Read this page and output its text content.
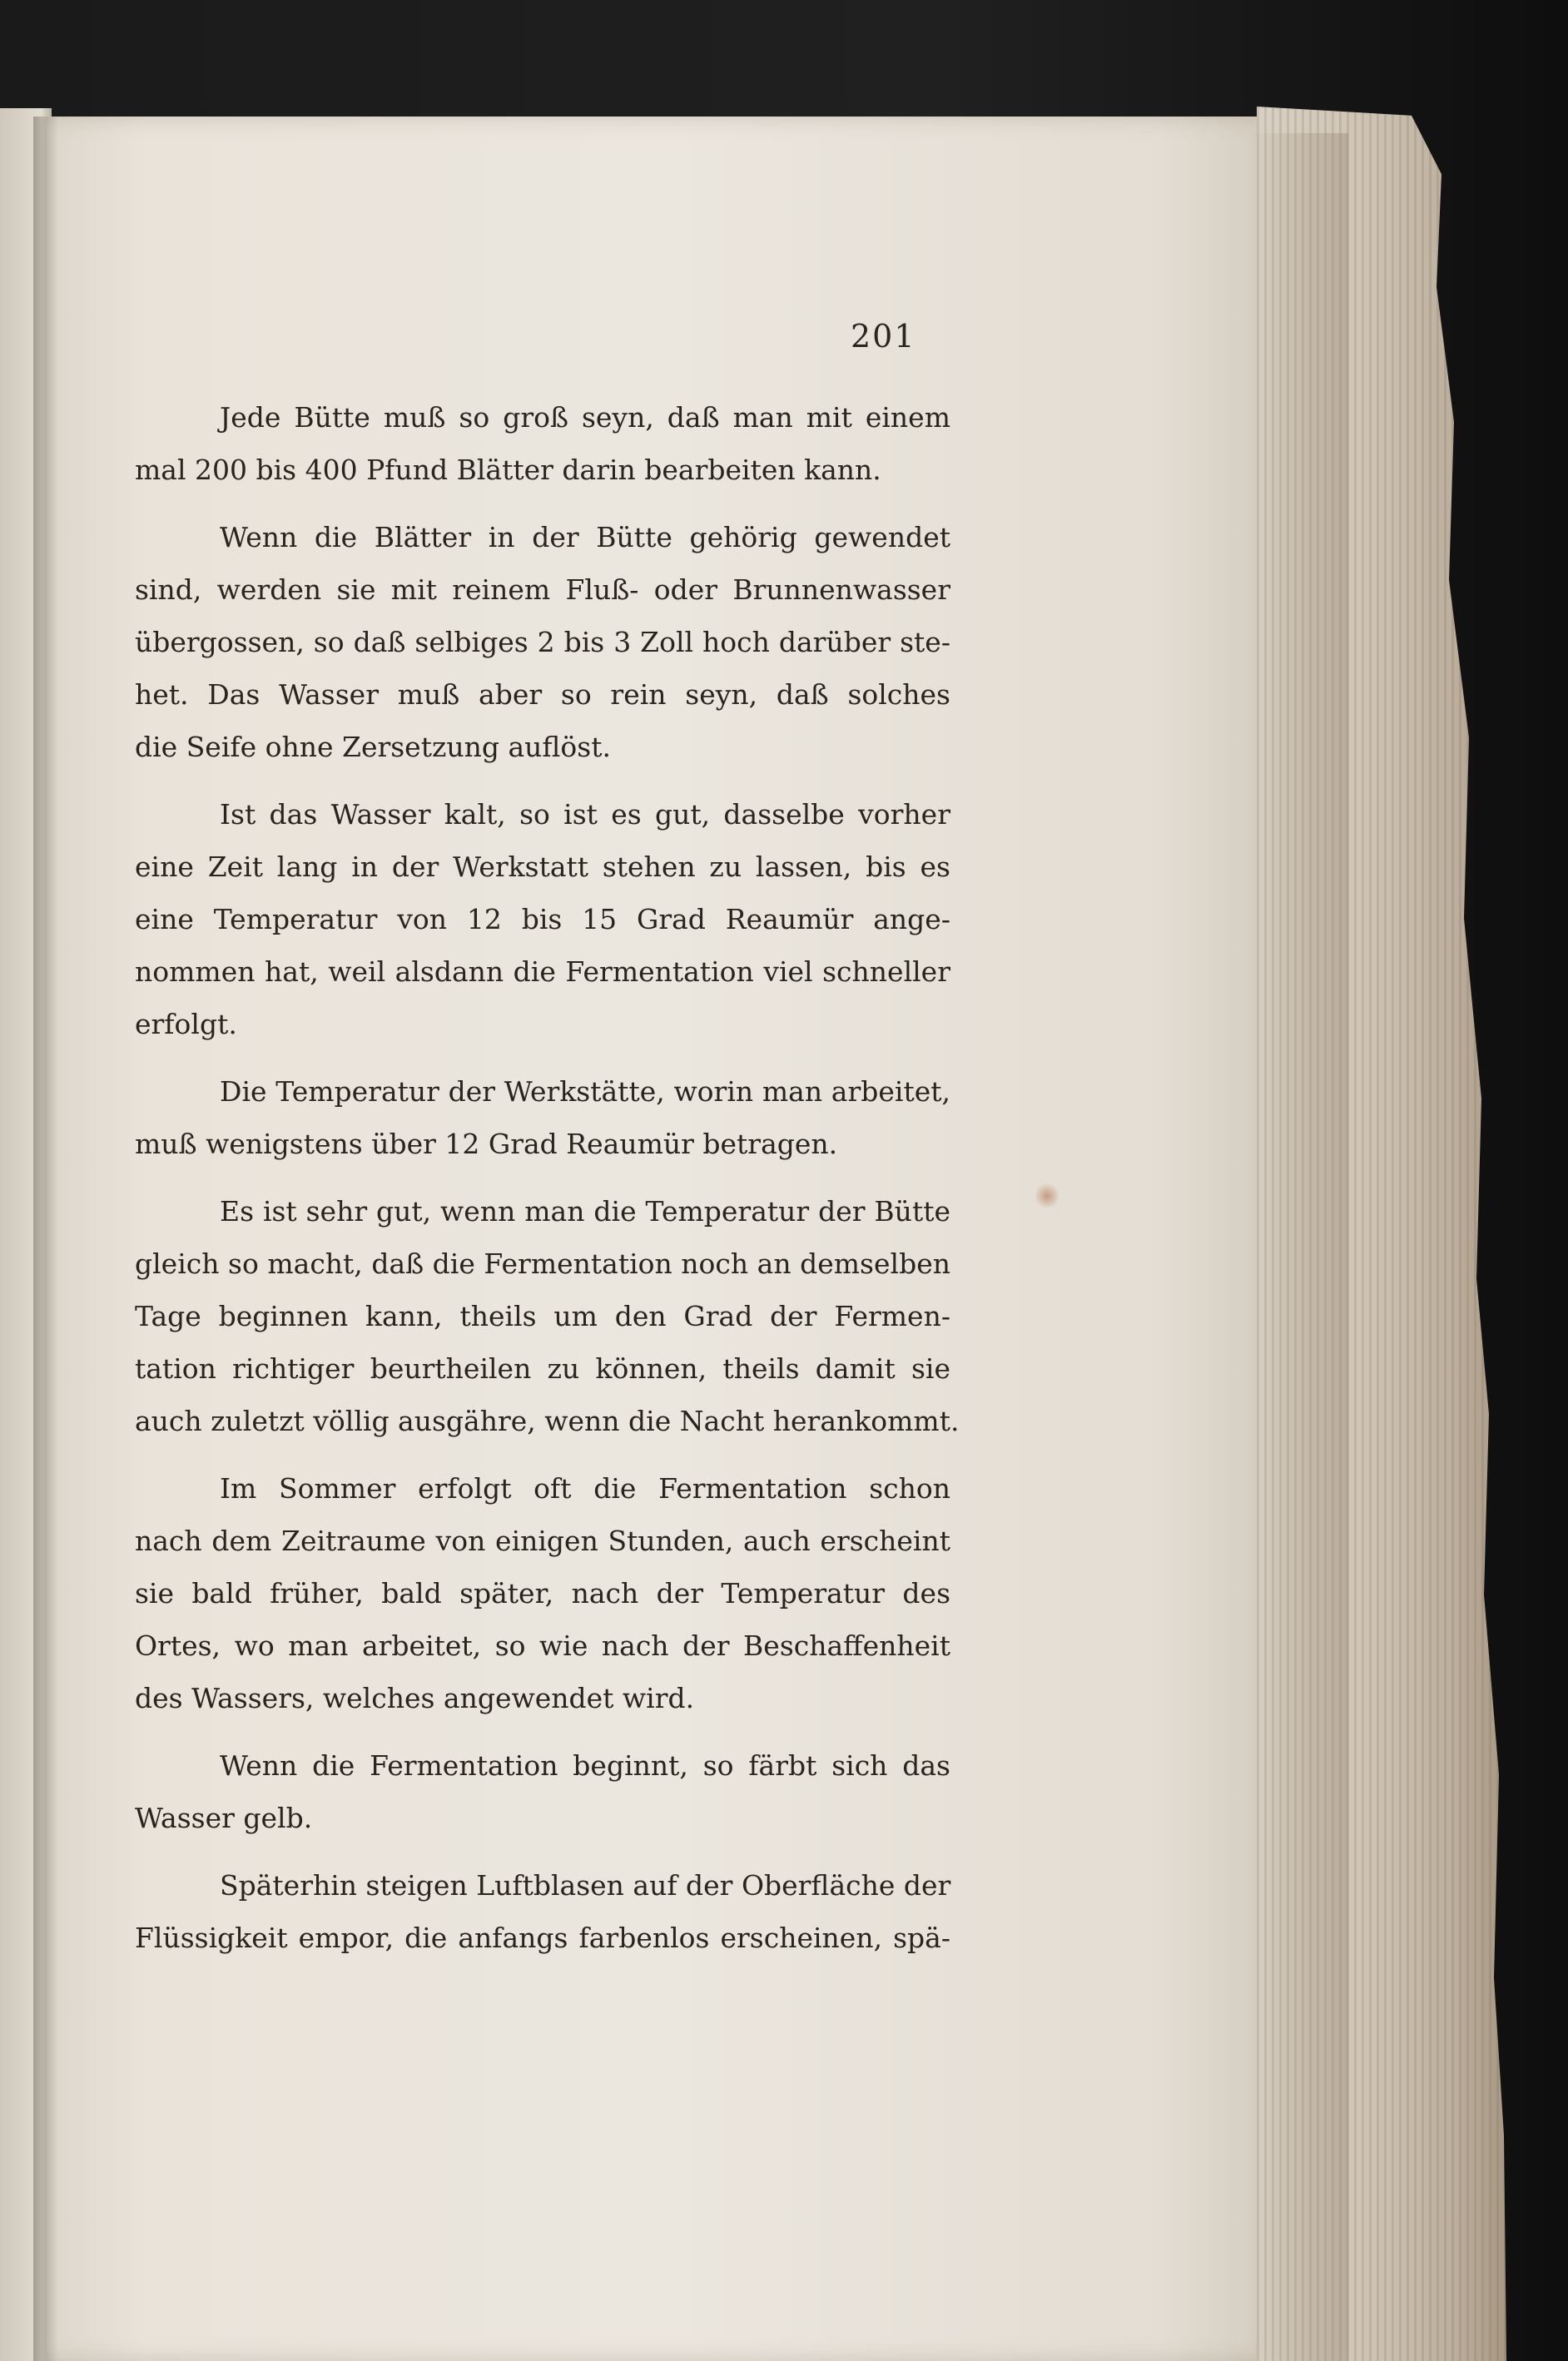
201
Jede Bütte muß so groß seyn, daß man mit einem
mal 200 bis 400 Pfund Blätter darin bearbeiten kann.
Wenn die Blätter in der Bütte gehörig gewendet
sind, werden sie mit reinem Fluß- oder Brunnenwasser
übergossen, so daß selbiges 2 bis 3 Zoll hoch darüber ste-
het. Das Wasser muß aber so rein seyn, daß solches
die Seife ohne Zersetzung auflöst.
Ist das Wasser kalt, so ist es gut, dasselbe vorher
eine Zeit lang in der Werkstatt stehen zu lassen, bis es
eine Temperatur von 12 bis 15 Grad Reaumür ange-
nommen hat, weil alsdann die Fermentation viel schneller
erfolgt.
Die Temperatur der Werkstätte, worin man arbeitet,
muß wenigstens über 12 Grad Reaumür betragen.
Es ist sehr gut, wenn man die Temperatur der Bütte
gleich so macht, daß die Fermentation noch an demselben
Tage beginnen kann, theils um den Grad der Fermen-
tation richtiger beurtheilen zu können, theils damit sie
auch zuletzt völlig ausgähre, wenn die Nacht herankommt.
Im Sommer erfolgt oft die Fermentation schon
nach dem Zeitraume von einigen Stunden, auch erscheint
sie bald früher, bald später, nach der Temperatur des
Ortes, wo man arbeitet, so wie nach der Beschaffenheit
des Wassers, welches angewendet wird.
Wenn die Fermentation beginnt, so färbt sich das
Wasser gelb.
Späterhin steigen Luftblasen auf der Oberfläche der
Flüssigkeit empor, die anfangs farbenlos erscheinen, spä-
